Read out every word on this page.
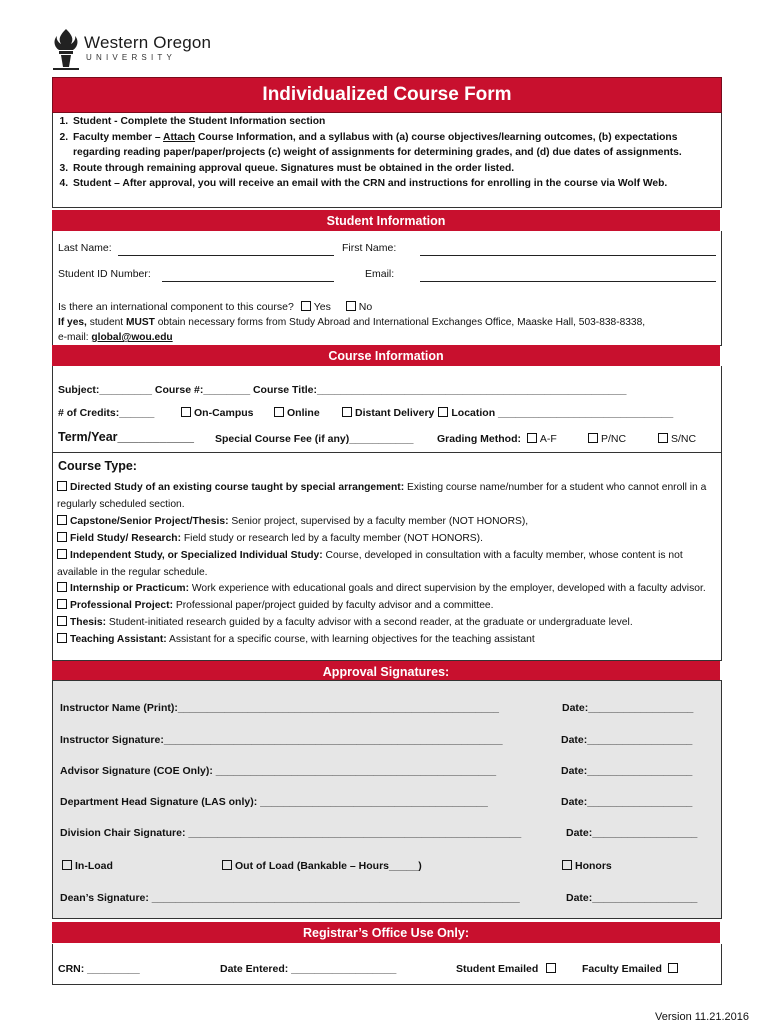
Western Oregon
UNIVERSITY
Individualized Course Form
1. Student - Complete the Student Information section
2. Faculty member – Attach Course Information, and a syllabus with (a) course objectives/learning outcomes, (b) expectations regarding reading paper/paper/projects (c) weight of assignments for determining grades, and (d) due dates of assignments.
3. Route through remaining approval queue. Signatures must be obtained in the order listed.
4. Student – After approval, you will receive an email with the CRN and instructions for enrolling in the course via Wolf Web.
Student Information
Last Name:	First Name:
Student ID Number:	Email:
Is there an international component to this course? Yes	No
If yes, student MUST obtain necessary forms from Study Abroad and International Exchanges Office, Maaske Hall, 503-838-8338,
e-mail: global@wou.edu
Course Information
Subject:_________ Course #:________ Course Title:_____________________________________________________
# of Credits:______	On-Campus	Online	Distant Delivery Location ______________________________
Term/Year___________ Special Course Fee (if any)___________ Grading Method: A-F	P/NC	S/NC
Course Type:

Directed Study of an existing course taught by special arrangement: Existing course name/number for a student who cannot enroll in a regularly scheduled section.

Capstone/Senior Project/Thesis: Senior project, supervised by a faculty member (NOT HONORS),

Field Study/ Research: Field study or research led by a faculty member (NOT HONORS).

Independent Study, or Specialized Individual Study: Course, developed in consultation with a faculty member, whose content is not available in the regular schedule.

Internship or Practicum: Work experience with educational goals and direct supervision by the employer, developed with a faculty advisor.

Professional Project: Professional paper/project guided by faculty advisor and a committee.

Thesis: Student-initiated research guided by a faculty advisor with a second reader, at the graduate or undergraduate level.

Teaching Assistant: Assistant for a specific course, with learning objectives for the teaching assistant

Approval Signatures:
Instructor Name (Print):_______________________________________________________	Date:__________________
Instructor Signature:__________________________________________________________	Date:__________________
Advisor Signature (COE Only): ________________________________________________	Date:__________________
Department Head Signature (LAS only): _______________________________________	Date:__________________
Division Chair Signature: _________________________________________________________	Date:__________________
In-Load	Out of Load (Bankable – Hours_____)	Honors
Dean’s Signature: _______________________________________________________________	Date:__________________
Registrar’s Office Use Only:
CRN: _________	Date Entered: __________________	Student Emailed	Faculty Emailed
Version 11.21.2016
